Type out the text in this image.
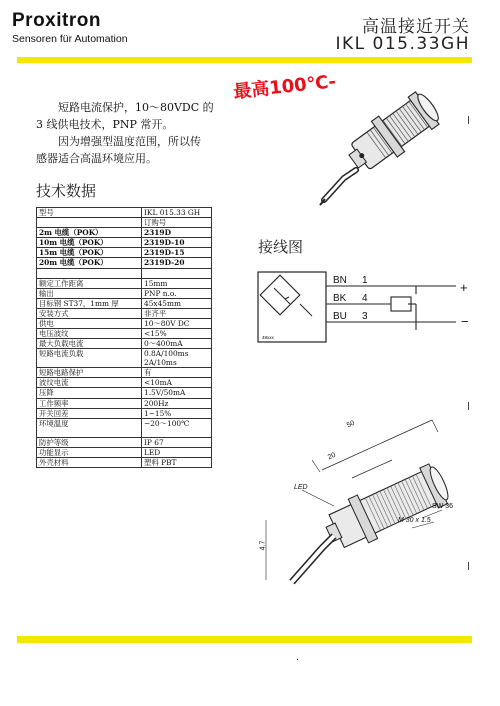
Proxitron
Sensoren für Automation
高温接近开关
IKL 015.33GH
短路电流保护，10～80VDC 的
3 线供电技术，PNP 常开。
因为增强型温度范围，所以传
感器适合高温环境应用。
最高100℃-
技术数据
接线图
48xxx
BN 1
BK 4
BU 3
+
−
50
20
LED
SW 36
M 30 x 1.5
4.7
型号	IKL 015.33 GH

	订购号

2m 电缆（POK）	2319D

10m 电缆（POK）	2319D-10

15m 电缆（POK）	2319D-15

20m 电缆（POK）	2319D-20

额定工作距离	15mm

输出	PNP n.o.

目标钢 ST37，1mm 厚	45x45mm

安装方式	非齐平

供电	10～80V DC

电压波纹	<15%

最大负载电流	0～400mA

短路电流负载	0.8A/100ms
2A/10ms

短路电路保护	有

波纹电流	<10mA

压降	1.5V/50mA

工作频率	200Hz

开关回差	1~15%

环境温度	−20～100℃

防护等级	IP 67

功能显示	LED

外壳材料	塑料 PBT
.
